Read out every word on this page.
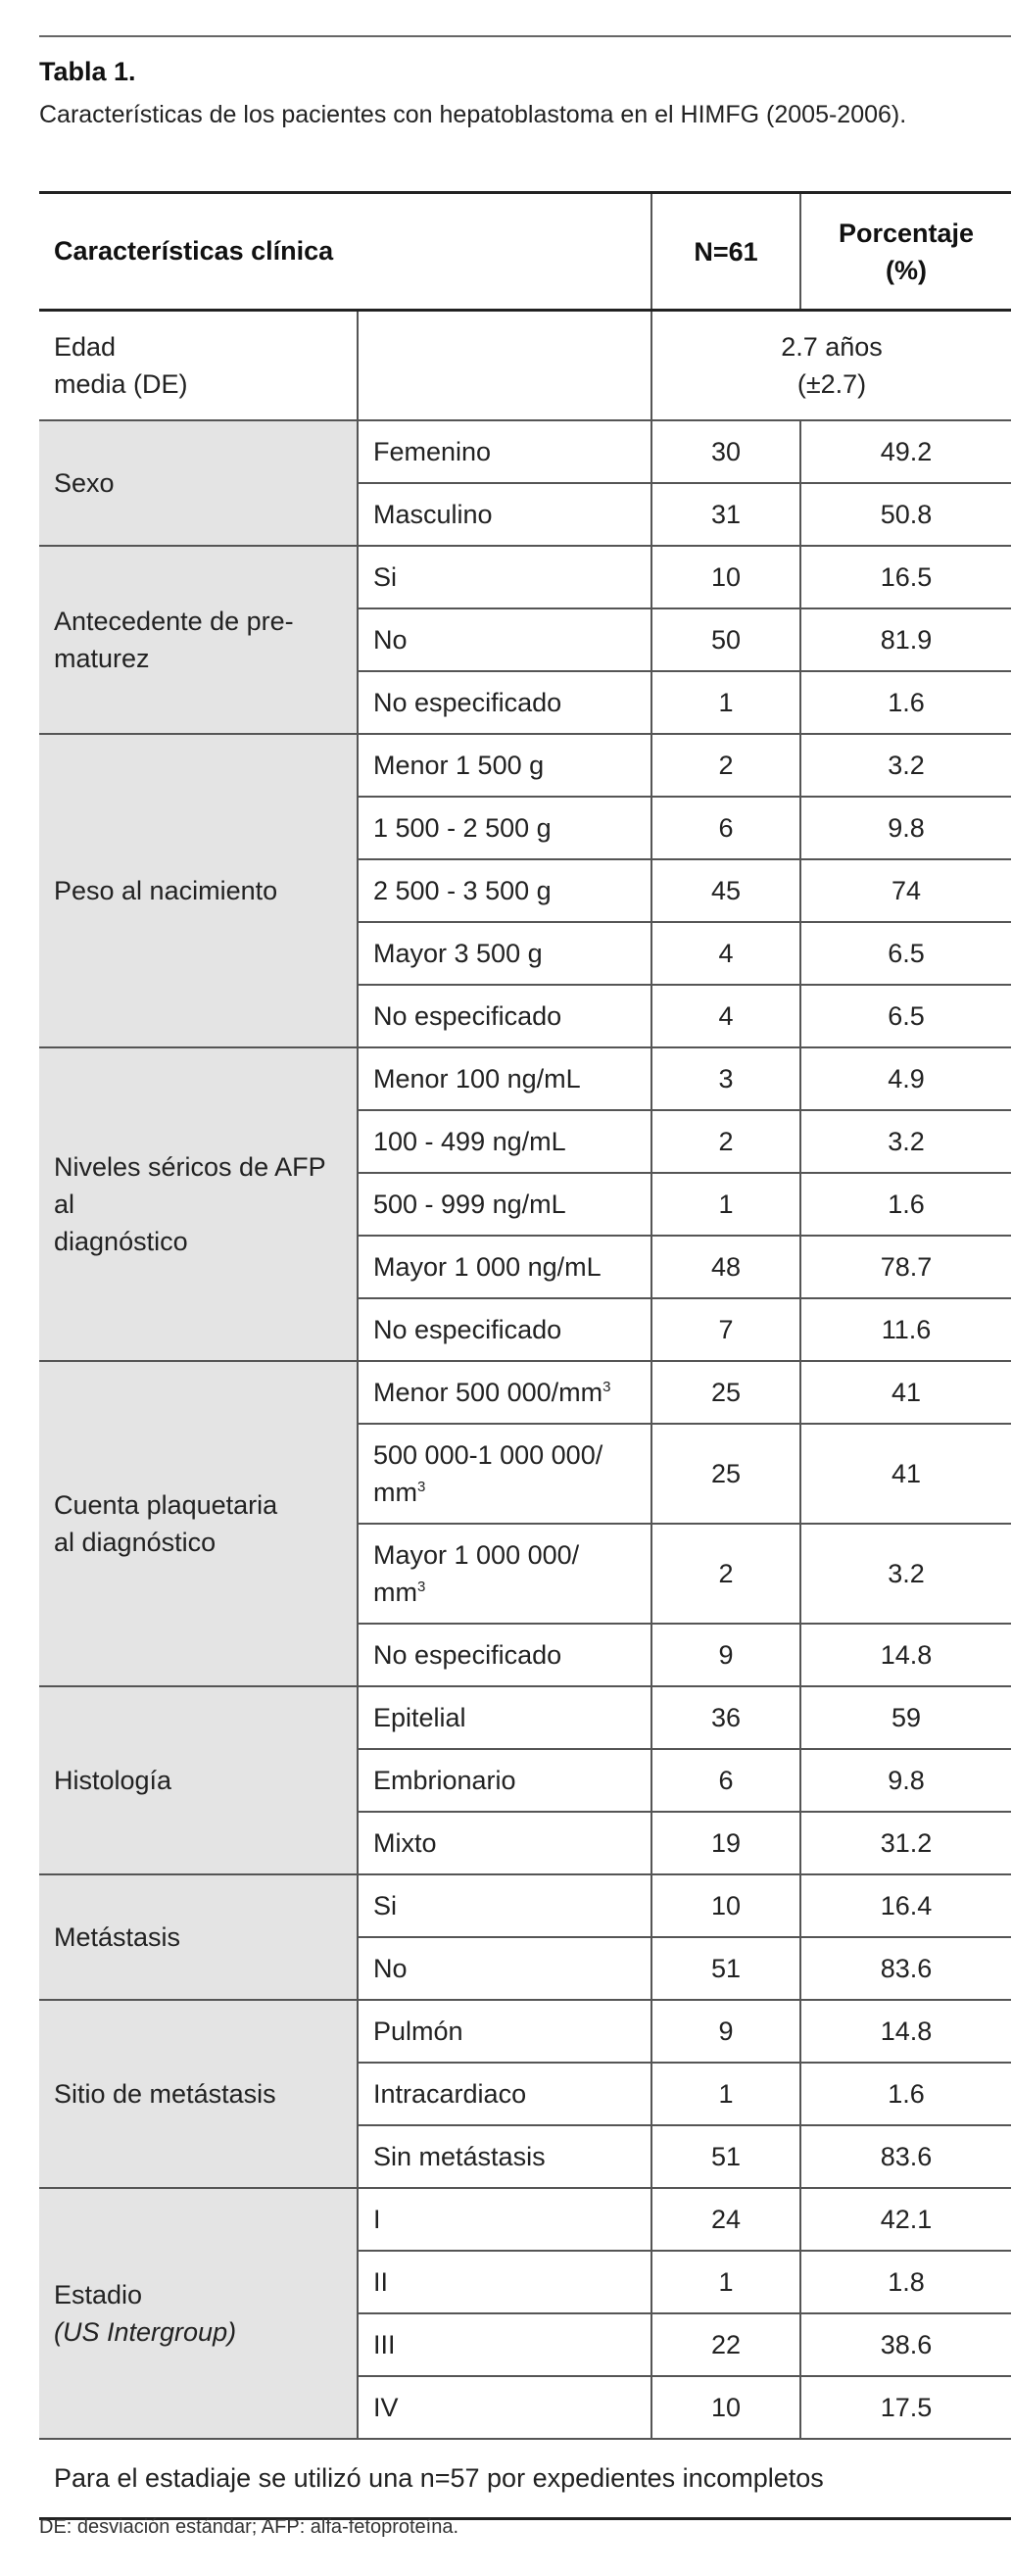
Tabla 1.
Características de los pacientes con hepatoblastoma en el HIMFG (2005-2006).
Características clínica		N=61	Porcentaje
(%)
Edad
media (DE)		2.7 años
(±2.7)	
Sexo	Femenino	30	49.2
	Masculino	31	50.8
Antecedente de pre-
maturez	Si	10	16.5
	No	50	81.9
	No especificado	1	1.6
Peso al nacimiento	Menor 1 500 g	2	3.2
	1 500 - 2 500 g	6	9.8
	2 500 - 3 500 g	45	74
	Mayor 3 500 g	4	6.5
	No especificado	4	6.5
Niveles séricos de AFP al
diagnóstico	Menor 100 ng/mL	3	4.9
	100 - 499 ng/mL	2	3.2
	500 - 999 ng/mL	1	1.6
	Mayor 1 000 ng/mL	48	78.7
	No especificado	7	11.6
Cuenta plaquetaria
al diagnóstico	Menor 500 $000/mm^3$	25	41
	500 000-1 000 000/
$mm^3$	25	41
	Mayor 1 000 000/
$mm^3$	2	3.2
	No especificado	9	14.8
Histología	Epitelial	36	59
	Embrionario	6	9.8
	Mixto	19	31.2
Metástasis	Si	10	16.4
	No	51	83.6
Sitio de metástasis	Pulmón	9	14.8
	Intracardiaco	1	1.6
	Sin metástasis	51	83.6
Estadio
(US Intergroup)	I	24	42.1
	II	1	1.8
	III	22	38.6
	IV	10	17.5
Para el estadiaje se utilizó una n=57 por expedientes incompletos			
DE: desviación estándar; AFP: alfa-fetoproteína.
